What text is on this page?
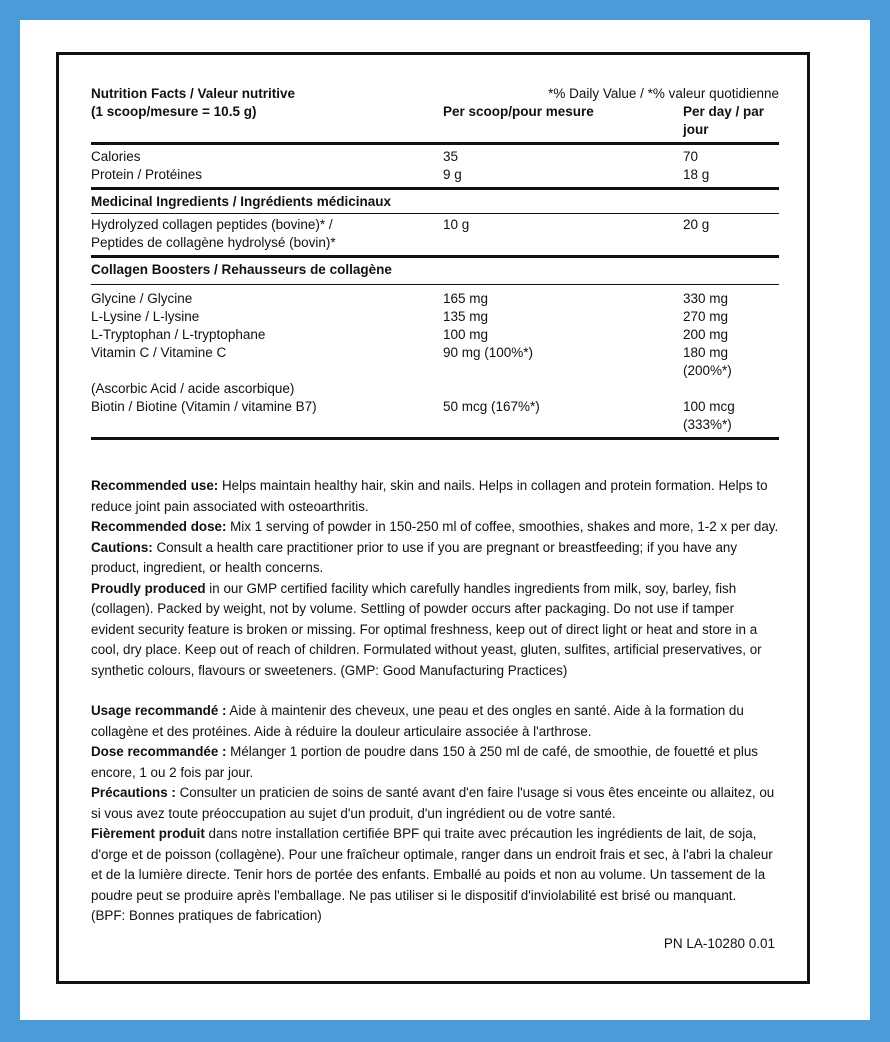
Nutrition Facts / Valeur nutritive	*% Daily Value / *% valeur quotidienne
(1 scoop/mesure = 10.5 g)	Per scoop/pour mesure	Per day / par jour
Calories	35	70
Protein / Protéines	9 g	18 g
Medicinal Ingredients / Ingrédients médicinaux
Hydrolyzed collagen peptides (bovine)* /	10 g	20 g
Peptides de collagène hydrolysé (bovin)*
Collagen Boosters / Rehausseurs de collagène
Glycine / Glycine	165 mg	330 mg
L-Lysine / L-lysine	135 mg	270 mg
L-Tryptophan / L-tryptophane	100 mg	200 mg
Vitamin C / Vitamine C	90 mg (100%*)	180 mg (200%*)
(Ascorbic Acid / acide ascorbique)
Biotin / Biotine (Vitamin / vitamine B7)	50 mcg (167%*)	100 mcg (333%*)

Recommended use: Helps maintain healthy hair, skin and nails. Helps in collagen and protein formation. Helps to reduce joint pain associated with osteoarthritis.

Recommended dose: Mix 1 serving of powder in 150-250 ml of coffee, smoothies, shakes and more, 1-2 x per day.

Cautions: Consult a health care practitioner prior to use if you are pregnant or breastfeeding; if you have any product, ingredient, or health concerns.

Proudly produced in our GMP certified facility which carefully handles ingredients from milk, soy, barley, fish (collagen). Packed by weight, not by volume. Settling of powder occurs after packaging. Do not use if tamper evident security feature is broken or missing. For optimal freshness, keep out of direct light or heat and store in a cool, dry place. Keep out of reach of children. Formulated without yeast, gluten, sulfites, artificial preservatives, or synthetic colours, flavours or sweeteners. (GMP: Good Manufacturing Practices)

Usage recommandé : Aide à maintenir des cheveux, une peau et des ongles en santé. Aide à la formation du collagène et des protéines. Aide à réduire la douleur articulaire associée à l'arthrose.

Dose recommandée : Mélanger 1 portion de poudre dans 150 à 250 ml de café, de smoothie, de fouetté et plus encore, 1 ou 2 fois par jour.

Précautions : Consulter un praticien de soins de santé avant d'en faire l'usage si vous êtes enceinte ou allaitez, ou si vous avez toute préoccupation au sujet d'un produit, d'un ingrédient ou de votre santé.

Fièrement produit dans notre installation certifiée BPF qui traite avec précaution les ingrédients de lait, de soja, d'orge et de poisson (collagène). Pour une fraîcheur optimale, ranger dans un endroit frais et sec, à l'abri la chaleur et de la lumière directe. Tenir hors de portée des enfants. Emballé au poids et non au volume. Un tassement de la poudre peut se produire après l'emballage. Ne pas utiliser si le dispositif d'inviolabilité est brisé ou manquant.

(BPF: Bonnes pratiques de fabrication)

PN LA-10280 0.01
